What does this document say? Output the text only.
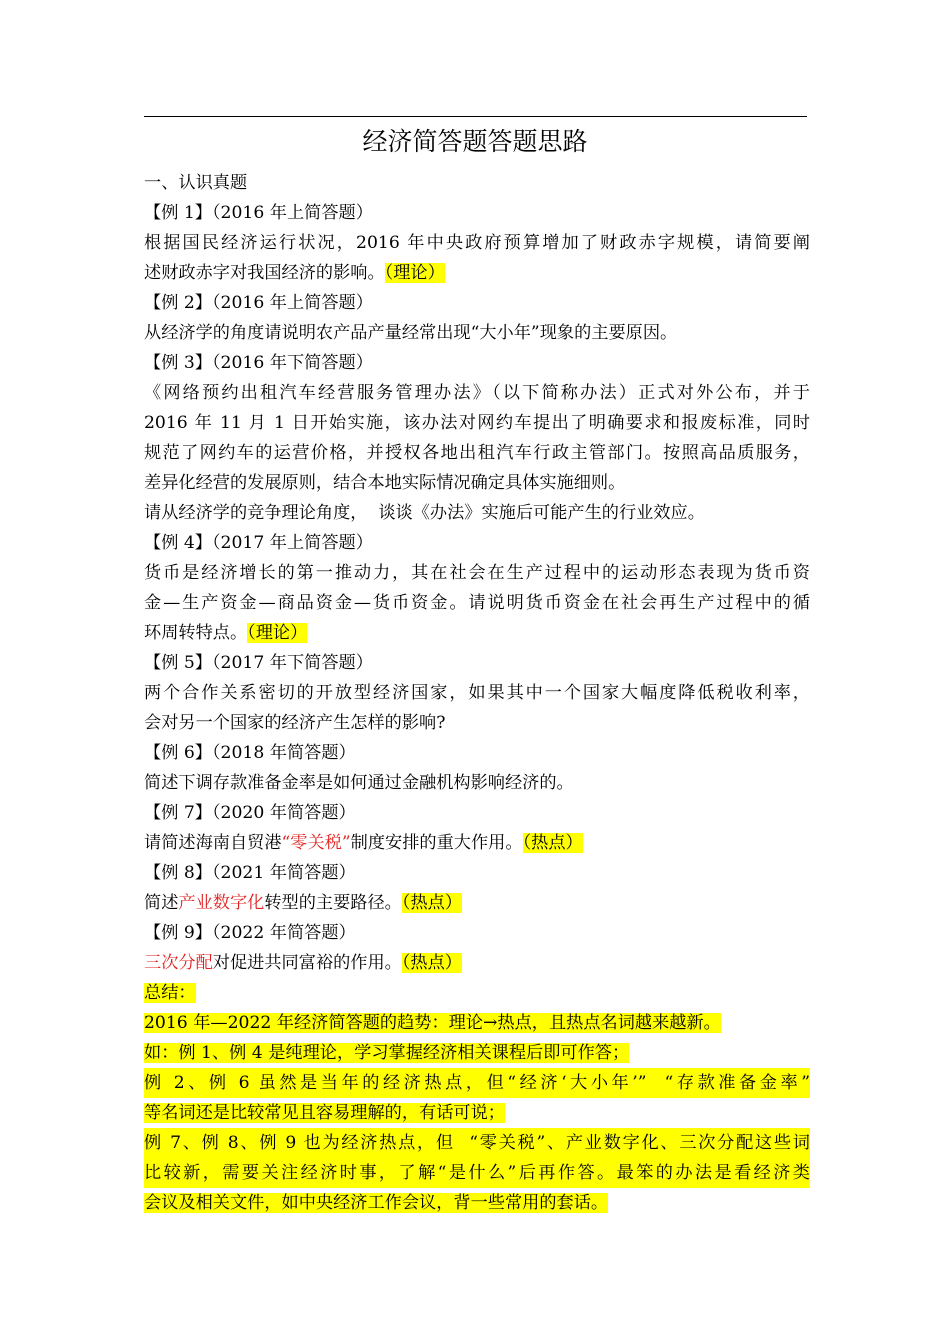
经济简答题答题思路
一、认识真题
【例 1】（2016 年上简答题）
根据国民经济运行状况，2016 年中央政府预算增加了财政赤字规模，请简要阐
述财政赤字对我国经济的影响。（理论）
【例 2】（2016 年上简答题）
从经济学的角度请说明农产品产量经常出现“大小年”现象的主要原因。
【例 3】（2016 年下简答题）
《网络预约出租汽车经营服务管理办法》（以下简称办法）正式对外公布，并于
2016 年 11 月 1 日开始实施，该办法对网约车提出了明确要求和报废标准，同时
规范了网约车的运营价格，并授权各地出租汽车行政主管部门。按照高品质服务，
差异化经营的发展原则，结合本地实际情况确定具体实施细则。
请从经济学的竞争理论角度，  谈谈《办法》实施后可能产生的行业效应。
【例 4】（2017 年上简答题）
货币是经济增长的第一推动力，其在社会在生产过程中的运动形态表现为货币资
金—生产资金—商品资金—货币资金。请说明货币资金在社会再生产过程中的循
环周转特点。（理论）
【例 5】（2017 年下简答题）
两个合作关系密切的开放型经济国家，如果其中一个国家大幅度降低税收利率，
会对另一个国家的经济产生怎样的影响?
【例 6】（2018 年简答题）
简述下调存款准备金率是如何通过金融机构影响经济的。
【例 7】（2020 年简答题）
请简述海南自贸港“零关税”制度安排的重大作用。（热点）
【例 8】（2021 年简答题）
简述产业数字化转型的主要路径。（热点）
【例 9】（2022 年简答题）
三次分配对促进共同富裕的作用。（热点）
总结：
2016 年—2022 年经济简答题的趋势：理论→热点，且热点名词越来越新。
如：例 1、例 4 是纯理论，学习掌握经济相关课程后即可作答；
例 2、例 6 虽然是当年的经济热点，但“经济‘大小年’”  “存款准备金率”
等名词还是比较常见且容易理解的，有话可说；
例 7、例 8、例 9 也为经济热点，但  “零关税”、产业数字化、三次分配这些词
比较新，需要关注经济时事，了解“是什么”后再作答。最笨的办法是看经济类
会议及相关文件，如中央经济工作会议，背一些常用的套话。
